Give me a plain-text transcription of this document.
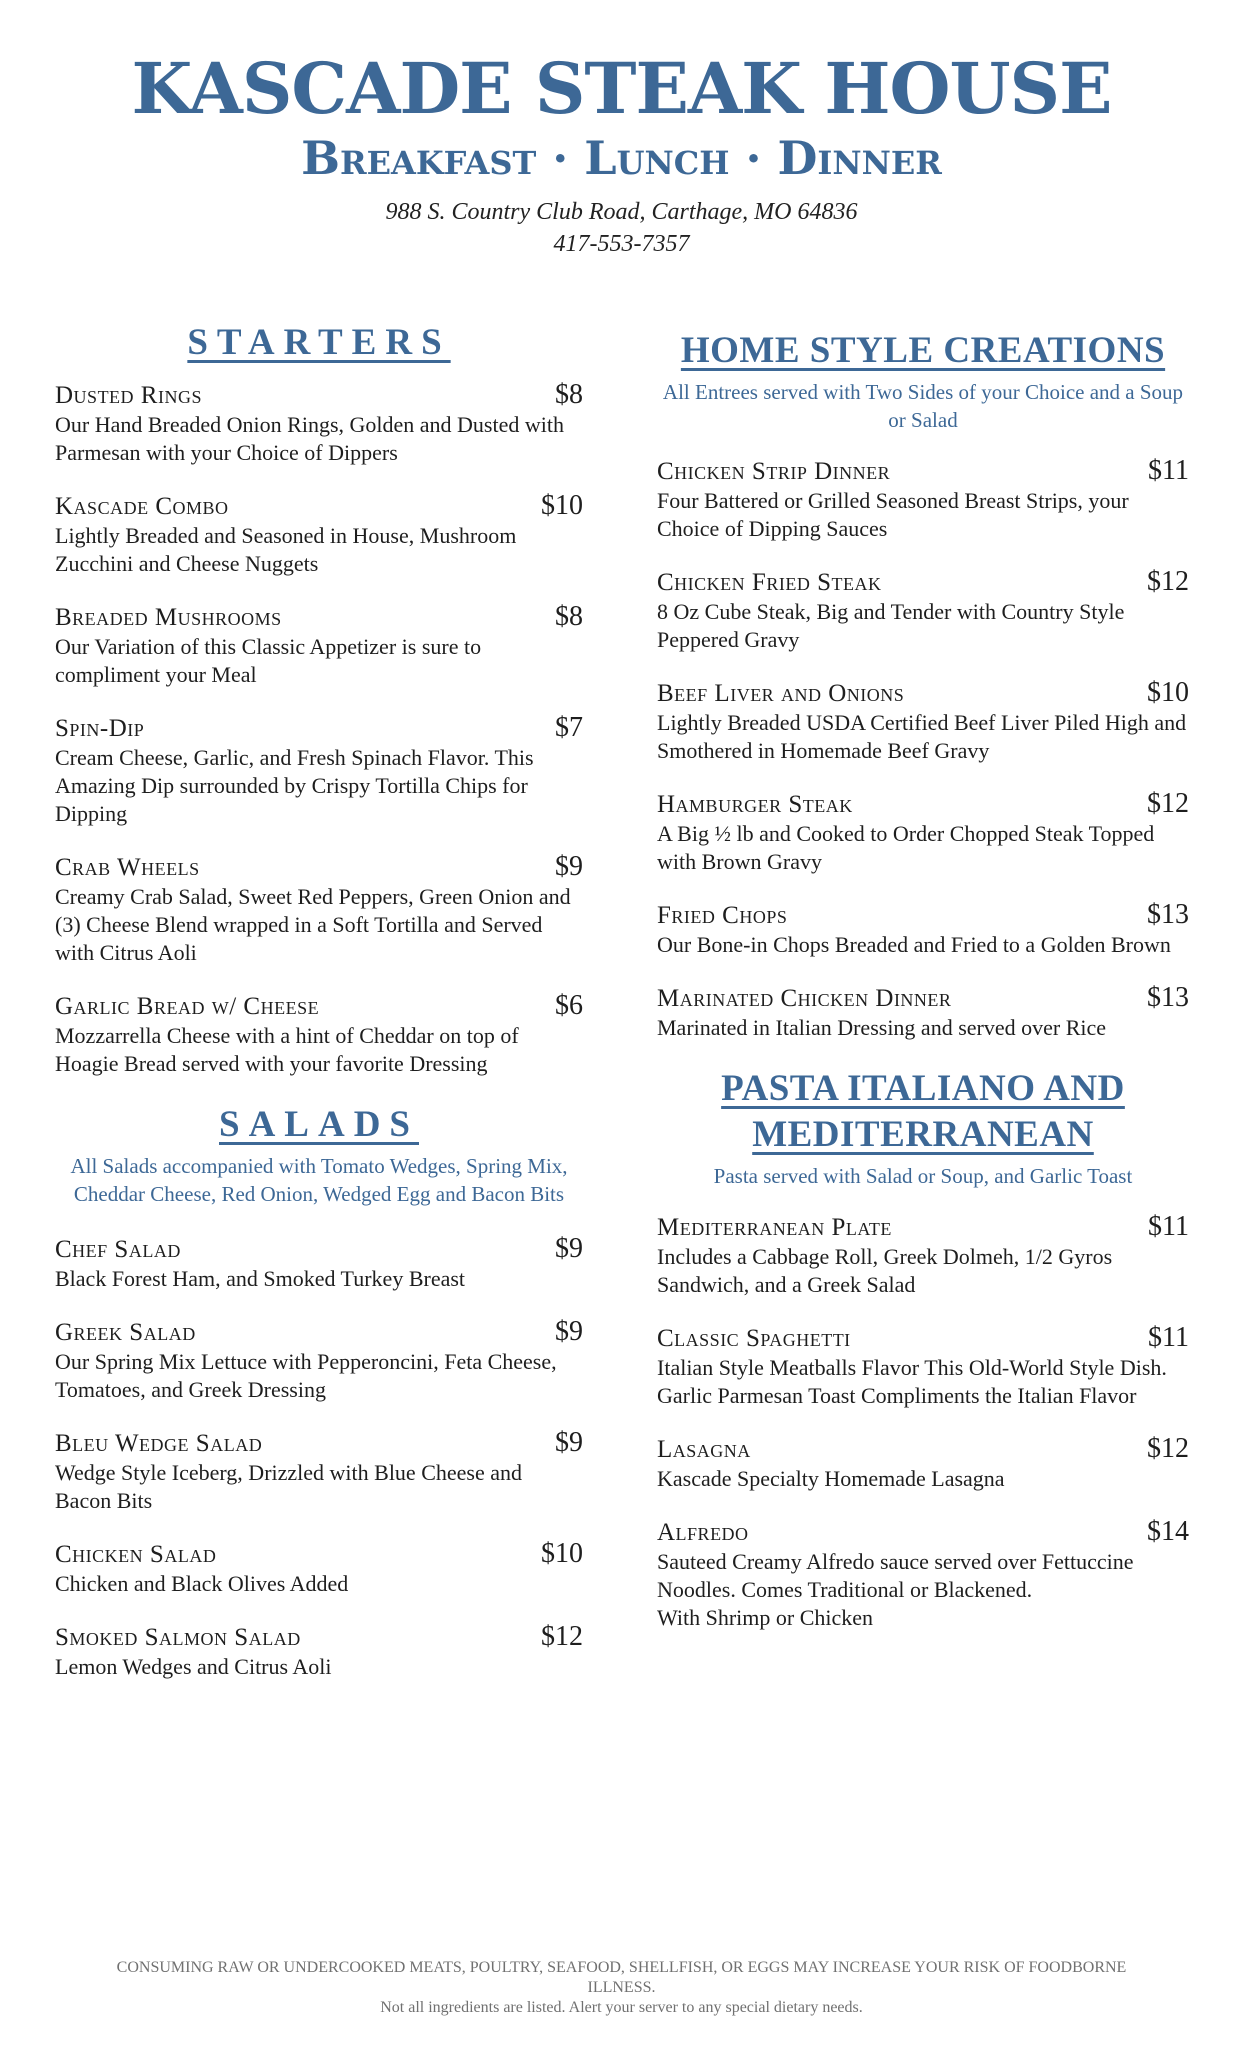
KASCADE STEAK HOUSE

Breakfast · Lunch · Dinner

988 S. Country Club Road, Carthage, MO 64836

417-553-7357

STARTERS
Dusted Rings	$8
Our Hand Breaded Onion Rings, Golden and Dusted with Parmesan with your Choice of Dippers
Kascade Combo	$10
Lightly Breaded and Seasoned in House, Mushroom Zucchini and Cheese Nuggets
Breaded Mushrooms	$8
Our Variation of this Classic Appetizer is sure to compliment your Meal
Spin-Dip	$7
Cream Cheese, Garlic, and Fresh Spinach Flavor. This Amazing Dip surrounded by Crispy Tortilla Chips for Dipping
Crab Wheels	$9
Creamy Crab Salad, Sweet Red Peppers, Green Onion and (3) Cheese Blend wrapped in a Soft Tortilla and Served with Citrus Aoli
Garlic Bread w/ Cheese	$6
Mozzarrella Cheese with a hint of Cheddar on top of Hoagie Bread served with your favorite Dressing
SALADS

All Salads accompanied with Tomato Wedges, Spring Mix, Cheddar Cheese, Red Onion, Wedged Egg and Bacon Bits

Chef Salad	$9
Black Forest Ham, and Smoked Turkey Breast
Greek Salad	$9
Our Spring Mix Lettuce with Pepperoncini, Feta Cheese, Tomatoes, and Greek Dressing
Bleu Wedge Salad	$9
Wedge Style Iceberg, Drizzled with Blue Cheese and Bacon Bits
Chicken Salad	$10
Chicken and Black Olives Added
Smoked Salmon Salad	$12
Lemon Wedges and Citrus Aoli
HOME STYLE CREATIONS

All Entrees served with Two Sides of your Choice and a Soup or Salad

Chicken Strip Dinner	$11
Four Battered or Grilled Seasoned Breast Strips, your Choice of Dipping Sauces
Chicken Fried Steak	$12
8 Oz Cube Steak, Big and Tender with Country Style Peppered Gravy
Beef Liver and Onions	$10
Lightly Breaded USDA Certified Beef Liver Piled High and Smothered in Homemade Beef Gravy
Hamburger Steak	$12
A Big ½ lb and Cooked to Order Chopped Steak Topped with Brown Gravy
Fried Chops	$13
Our Bone-in Chops Breaded and Fried to a Golden Brown
Marinated Chicken Dinner	$13
Marinated in Italian Dressing and served over Rice
PASTA ITALIANO AND
MEDITERRANEAN

Pasta served with Salad or Soup, and Garlic Toast

Mediterranean Plate	$11
Includes a Cabbage Roll, Greek Dolmeh, 1/2 Gyros Sandwich, and a Greek Salad
Classic Spaghetti	$11
Italian Style Meatballs Flavor This Old-World Style Dish. Garlic Parmesan Toast Compliments the Italian Flavor
Lasagna	$12
Kascade Specialty Homemade Lasagna
Alfredo	$14
Sauteed Creamy Alfredo sauce served over Fettuccine Noodles. Comes Traditional or Blackened.
With Shrimp or Chicken

CONSUMING RAW OR UNDERCOOKED MEATS, POULTRY, SEAFOOD, SHELLFISH, OR EGGS MAY INCREASE YOUR RISK OF FOODBORNE ILLNESS.

Not all ingredients are listed. Alert your server to any special dietary needs.
